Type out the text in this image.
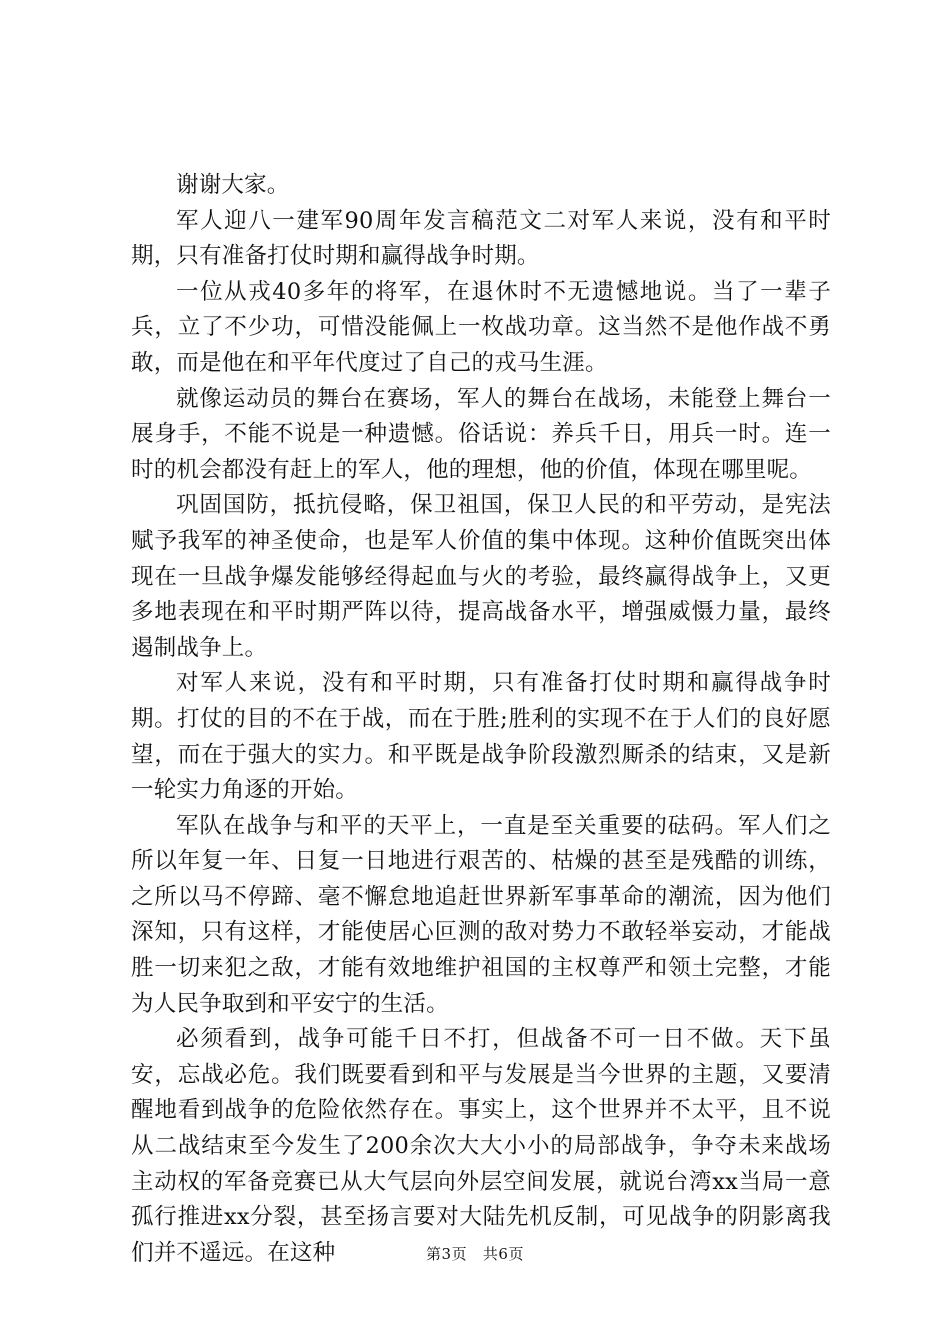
谢谢大家。

军人迎八一建军90周年发言稿范文二对军人来说，没有和平时期，只有准备打仗时期和赢得战争时期。

一位从戎40多年的将军，在退休时不无遗憾地说。当了一辈子兵，立了不少功，可惜没能佩上一枚战功章。这当然不是他作战不勇敢，而是他在和平年代度过了自己的戎马生涯。

就像运动员的舞台在赛场，军人的舞台在战场，未能登上舞台一展身手，不能不说是一种遗憾。俗话说：养兵千日，用兵一时。连一时的机会都没有赶上的军人，他的理想，他的价值，体现在哪里呢。

巩固国防，抵抗侵略，保卫祖国，保卫人民的和平劳动，是宪法赋予我军的神圣使命，也是军人价值的集中体现。这种价值既突出体现在一旦战争爆发能够经得起血与火的考验，最终赢得战争上，又更多地表现在和平时期严阵以待，提高战备水平，增强威慑力量，最终遏制战争上。

对军人来说，没有和平时期，只有准备打仗时期和赢得战争时期。打仗的目的不在于战，而在于胜;胜利的实现不在于人们的良好愿望，而在于强大的实力。和平既是战争阶段激烈厮杀的结束，又是新一轮实力角逐的开始。

军队在战争与和平的天平上，一直是至关重要的砝码。军人们之所以年复一年、日复一日地进行艰苦的、枯燥的甚至是残酷的训练，之所以马不停蹄、毫不懈怠地追赶世界新军事革命的潮流，因为他们深知，只有这样，才能使居心叵测的敌对势力不敢轻举妄动，才能战胜一切来犯之敌，才能有效地维护祖国的主权尊严和领土完整，才能为人民争取到和平安宁的生活。

必须看到，战争可能千日不打，但战备不可一日不做。天下虽安，忘战必危。我们既要看到和平与发展是当今世界的主题，又要清醒地看到战争的危险依然存在。事实上，这个世界并不太平，且不说从二战结束至今发生了200余次大大小小的局部战争，争夺未来战场主动权的军备竞赛已从大气层向外层空间发展，就说台湾xx当局一意孤行推进xx分裂，甚至扬言要对大陆先机反制，可见战争的阴影离我们并不遥远。在这种	第3页 共6页
